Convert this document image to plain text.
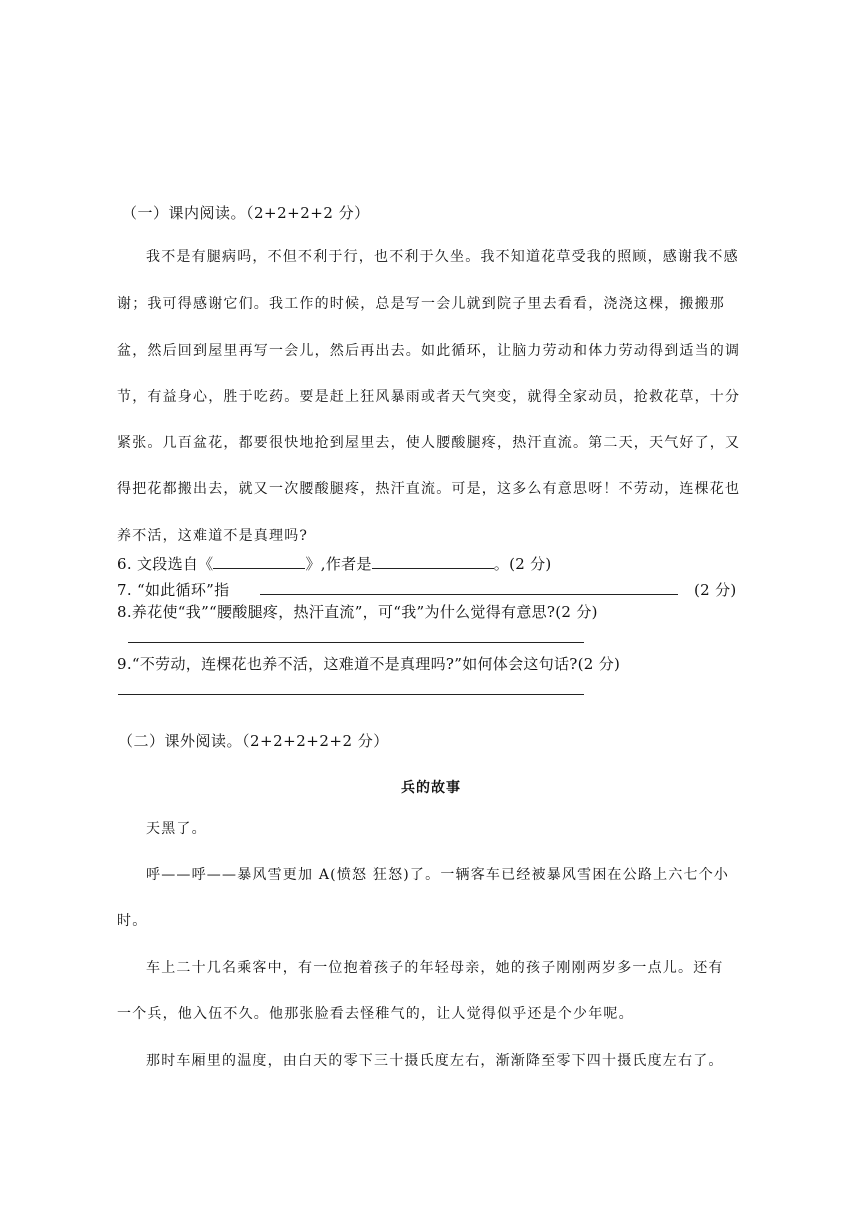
（一）课内阅读。（2+2+2+2 分）
我不是有腿病吗，不但不利于行，也不利于久坐。我不知道花草受我的照顾，感谢我不感
谢；我可得感谢它们。我工作的时候，总是写一会儿就到院子里去看看，浇浇这棵，搬搬那
盆，然后回到屋里再写一会儿，然后再出去。如此循环，让脑力劳动和体力劳动得到适当的调
节，有益身心，胜于吃药。要是赶上狂风暴雨或者天气突变，就得全家动员，抢救花草，十分
紧张。几百盆花，都要很快地抢到屋里去，使人腰酸腿疼，热汗直流。第二天，天气好了，又
得把花都搬出去，就又一次腰酸腿疼，热汗直流。可是，这多么有意思呀！不劳动，连棵花也
养不活，这难道不是真理吗?
6. 文段选自《	》,作者是	。(2 分)
7. “如此循环”指	(2 分)
8.养花使“我”“腰酸腿疼，热汗直流”，可“我”为什么觉得有意思?(2 分)
9.“不劳动，连棵花也养不活，这难道不是真理吗?”如何体会这句话?(2 分)
（二）课外阅读。（2+2+2+2+2 分）
兵的故事
天黑了。
呼——呼——暴风雪更加 A(愤怒 狂怒)了。一辆客车已经被暴风雪困在公路上六七个小
时。
车上二十几名乘客中，有一位抱着孩子的年轻母亲，她的孩子刚刚两岁多一点儿。还有
一个兵，他入伍不久。他那张脸看去怪稚气的，让人觉得似乎还是个少年呢。
那时车厢里的温度，由白天的零下三十摄氏度左右，渐渐降至零下四十摄氏度左右了。
